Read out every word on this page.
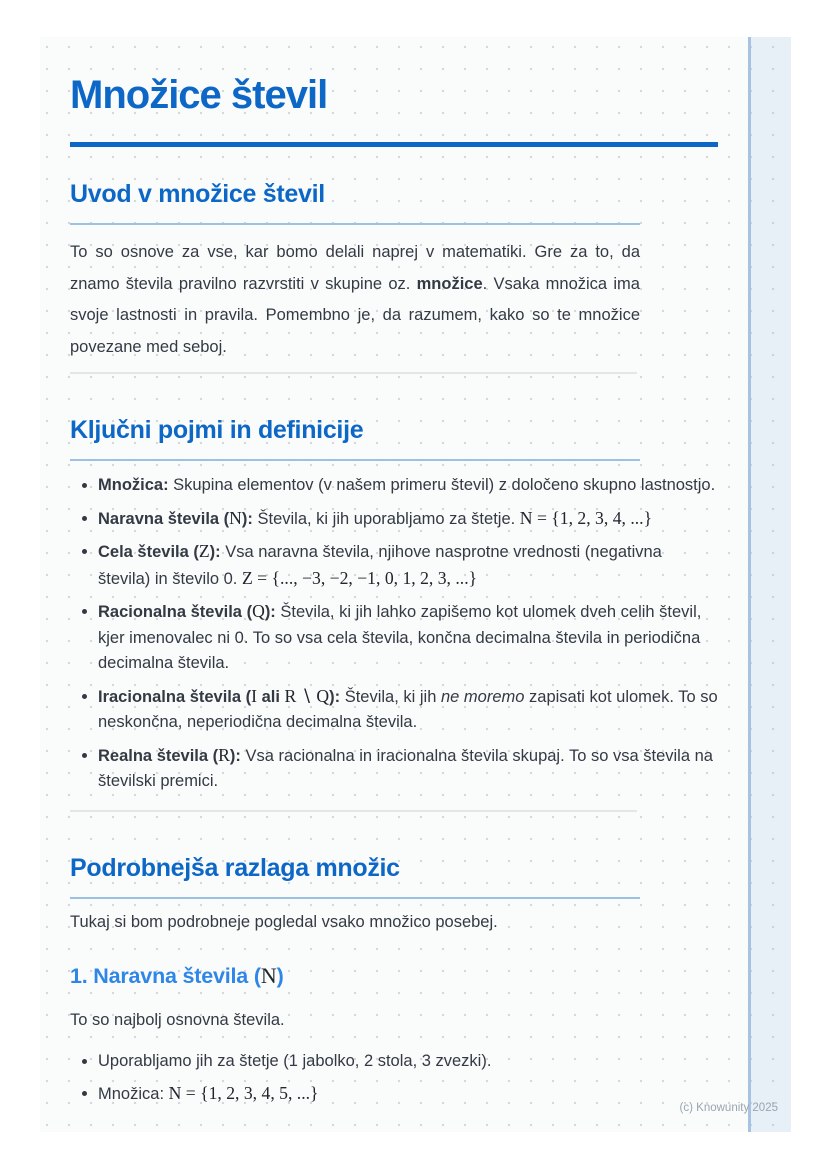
Množice števil
Uvod v množice števil

To so osnove za vse, kar bomo delali naprej v matematiki. Gre za to, da znamo števila pravilno razvrstiti v skupine oz. množice. Vsaka množica ima svoje lastnosti in pravila. Pomembno je, da razumem, kako so te množice povezane med seboj.

Ključni pojmi in definicije
Množica: Skupina elementov (v našem primeru števil) z določeno skupno lastnostjo.
Naravna števila (N): Števila, ki jih uporabljamo za štetje. N = {1, 2, 3, 4, ...}
Cela števila (Z): Vsa naravna števila, njihove nasprotne vrednosti (negativna števila) in število 0. Z = {..., −3, −2, −1, 0, 1, 2, 3, ...}
Racionalna števila (Q): Števila, ki jih lahko zapišemo kot ulomek dveh celih števil, kjer imenovalec ni 0. To so vsa cela števila, končna decimalna števila in periodična decimalna števila.
Iracionalna števila (I ali R ∖ Q): Števila, ki jih ne moremo zapisati kot ulomek. To so neskončna, neperiodična decimalna števila.
Realna števila (R): Vsa racionalna in iracionalna števila skupaj. To so vsa števila na številski premici.
Podrobnejša razlaga množic

Tukaj si bom podrobneje pogledal vsako množico posebej.

1. Naravna števila (N)

To so najbolj osnovna števila.

Uporabljamo jih za štetje (1 jabolko, 2 stola, 3 zvezki).
Množica: N = {1, 2, 3, 4, 5, ...}
(c) Knowunity 2025
